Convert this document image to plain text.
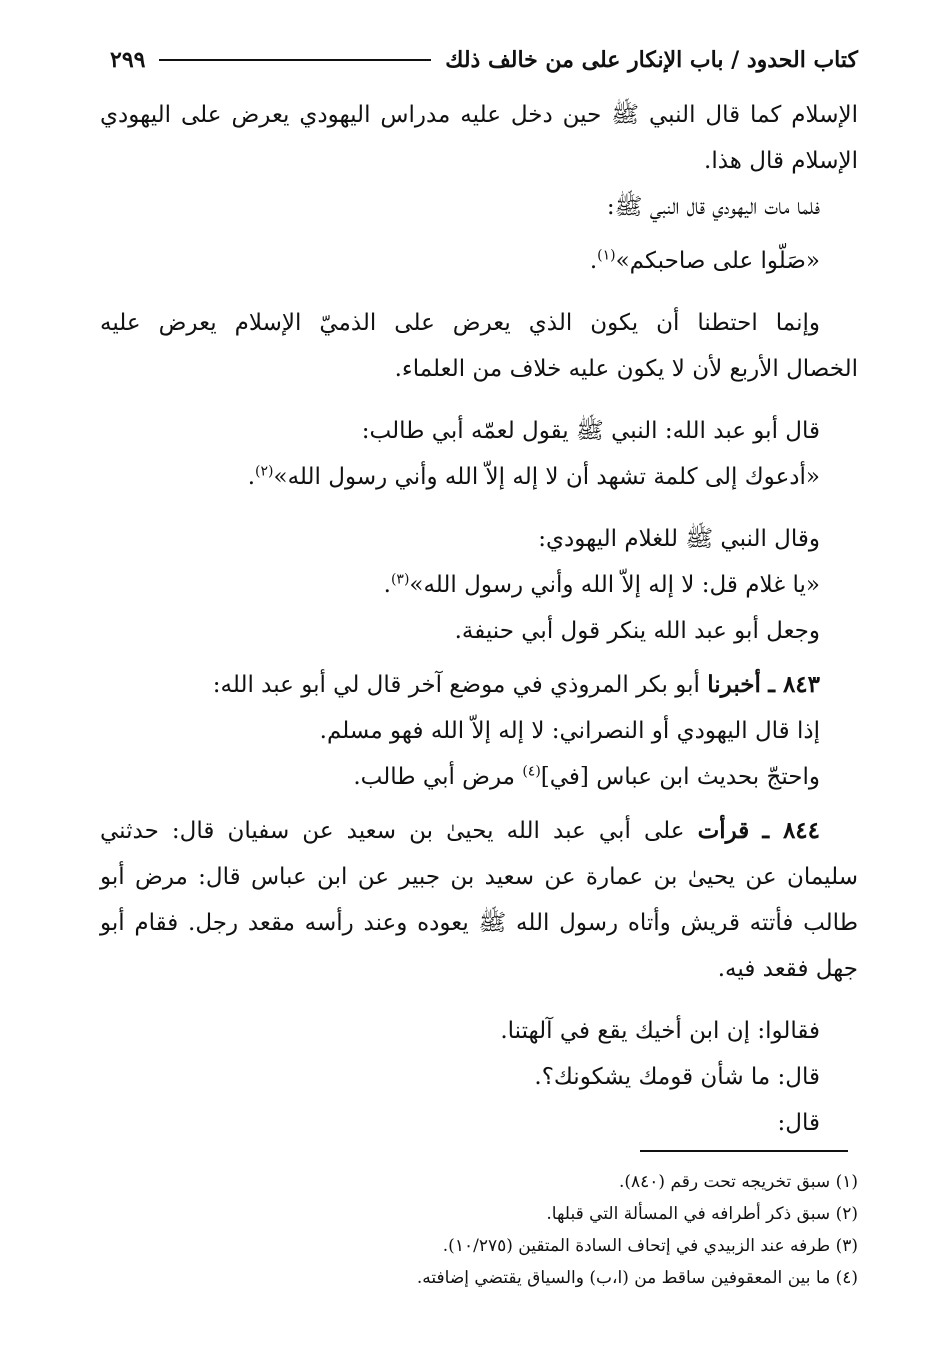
كتاب الحدود / باب الإنكار على من خالف ذلك
٢٩٩
الإسلام كما قال النبي ﷺ حين دخل عليه مدراس اليهودي يعرض على اليهودي
الإسلام قال هذا.
فلما مات اليهودي قال النبي ﷺ:
«صَلّوا على صاحبكم»$^{(١)}$.
وإنما احتطنا أن يكون الذي يعرض على الذميّ الإسلام يعرض عليه
الخصال الأربع لأن لا يكون عليه خلاف من العلماء.
قال أبو عبد الله: النبي ﷺ يقول لعمّه أبي طالب:
«أدعوك إلى كلمة تشهد أن لا إله إلاّ الله وأني رسول الله»$^{(٢)}$.
وقال النبي ﷺ للغلام اليهودي:
«يا غلام قل: لا إله إلاّ الله وأني رسول الله»$^{(٣)}$.
وجعل أبو عبد الله ينكر قول أبي حنيفة.
٨٤٣ ـ أخبرنا أبو بكر المروذي في موضع آخر قال لي أبو عبد الله:
إذا قال اليهودي أو النصراني: لا إله إلاّ الله فهو مسلم.
واحتجّ بحديث ابن عباس [في]$^{(٤)}$ مرض أبي طالب.
٨٤٤ ـ قرأت على أبي عبد الله يحيىٰ بن سعيد عن سفيان قال: حدثني
سليمان عن يحيىٰ بن عمارة عن سعيد بن جبير عن ابن عباس قال: مرض أبو
طالب فأتته قريش وأتاه رسول الله ﷺ يعوده وعند رأسه مقعد رجل. فقام أبو
جهل فقعد فيه.
فقالوا: إن ابن أخيك يقع في آلهتنا.
قال: ما شأن قومك يشكونك؟.
قال:
(١) سبق تخريجه تحت رقم (٨٤٠).
(٢) سبق ذكر أطرافه في المسألة التي قبلها.
(٣) طرفه عند الزبيدي في إتحاف السادة المتقين (١٠/٢٧٥).
(٤) ما بين المعقوفين ساقط من (ا،ب) والسياق يقتضي إضافته.
